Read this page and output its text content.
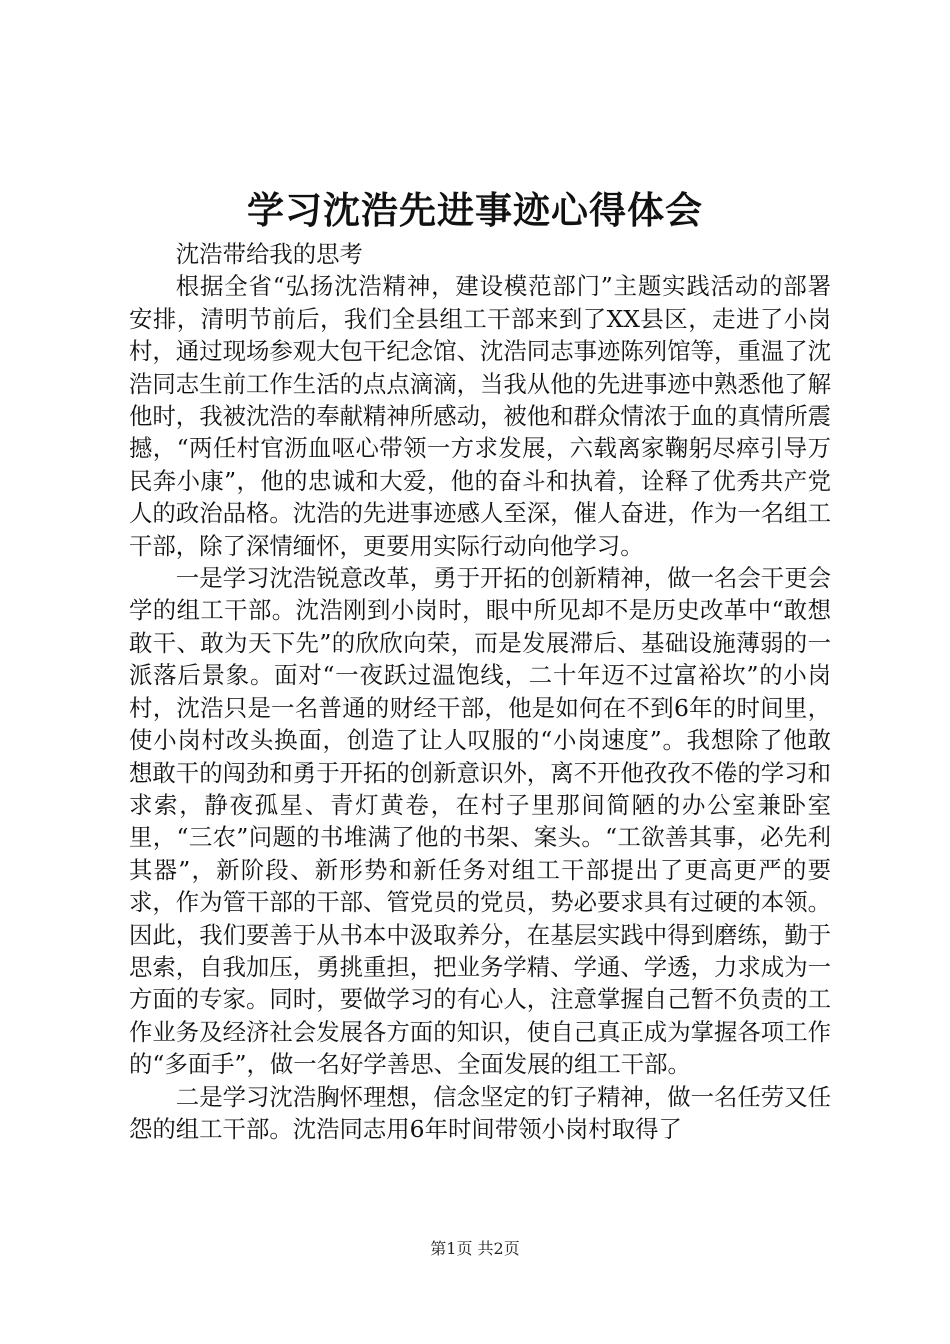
学习沈浩先进事迹心得体会

沈浩带给我的思考

根据全省“弘扬沈浩精神，建设模范部门”主题实践活动的部署安排，清明节前后，我们全县组工干部来到了XX县区，走进了小岗村，通过现场参观大包干纪念馆、沈浩同志事迹陈列馆等，重温了沈浩同志生前工作生活的点点滴滴，当我从他的先进事迹中熟悉他了解他时，我被沈浩的奉献精神所感动，被他和群众情浓于血的真情所震撼，“两任村官沥血呕心带领一方求发展，六载离家鞠躬尽瘁引导万民奔小康”，他的忠诚和大爱，他的奋斗和执着，诠释了优秀共产党人的政治品格。沈浩的先进事迹感人至深，催人奋进，作为一名组工干部，除了深情缅怀，更要用实际行动向他学习。

一是学习沈浩锐意改革，勇于开拓的创新精神，做一名会干更会学的组工干部。沈浩刚到小岗时，眼中所见却不是历史改革中“敢想敢干、敢为天下先”的欣欣向荣，而是发展滞后、基础设施薄弱的一派落后景象。面对“一夜跃过温饱线，二十年迈不过富裕坎”的小岗村，沈浩只是一名普通的财经干部，他是如何在不到6年的时间里，使小岗村改头换面，创造了让人叹服的“小岗速度”。我想除了他敢想敢干的闯劲和勇于开拓的创新意识外，离不开他孜孜不倦的学习和求索，静夜孤星、青灯黄卷，在村子里那间简陋的办公室兼卧室里，“三农”问题的书堆满了他的书架、案头。“工欲善其事，必先利其器”，新阶段、新形势和新任务对组工干部提出了更高更严的要求，作为管干部的干部、管党员的党员，势必要求具有过硬的本领。因此，我们要善于从书本中汲取养分，在基层实践中得到磨练，勤于思索，自我加压，勇挑重担，把业务学精、学通、学透，力求成为一方面的专家。同时，要做学习的有心人，注意掌握自己暂不负责的工作业务及经济社会发展各方面的知识，使自己真正成为掌握各项工作的“多面手”，做一名好学善思、全面发展的组工干部。

二是学习沈浩胸怀理想，信念坚定的钉子精神，做一名任劳又任怨的组工干部。沈浩同志用6年时间带领小岗村取得了

第1页 共2页
